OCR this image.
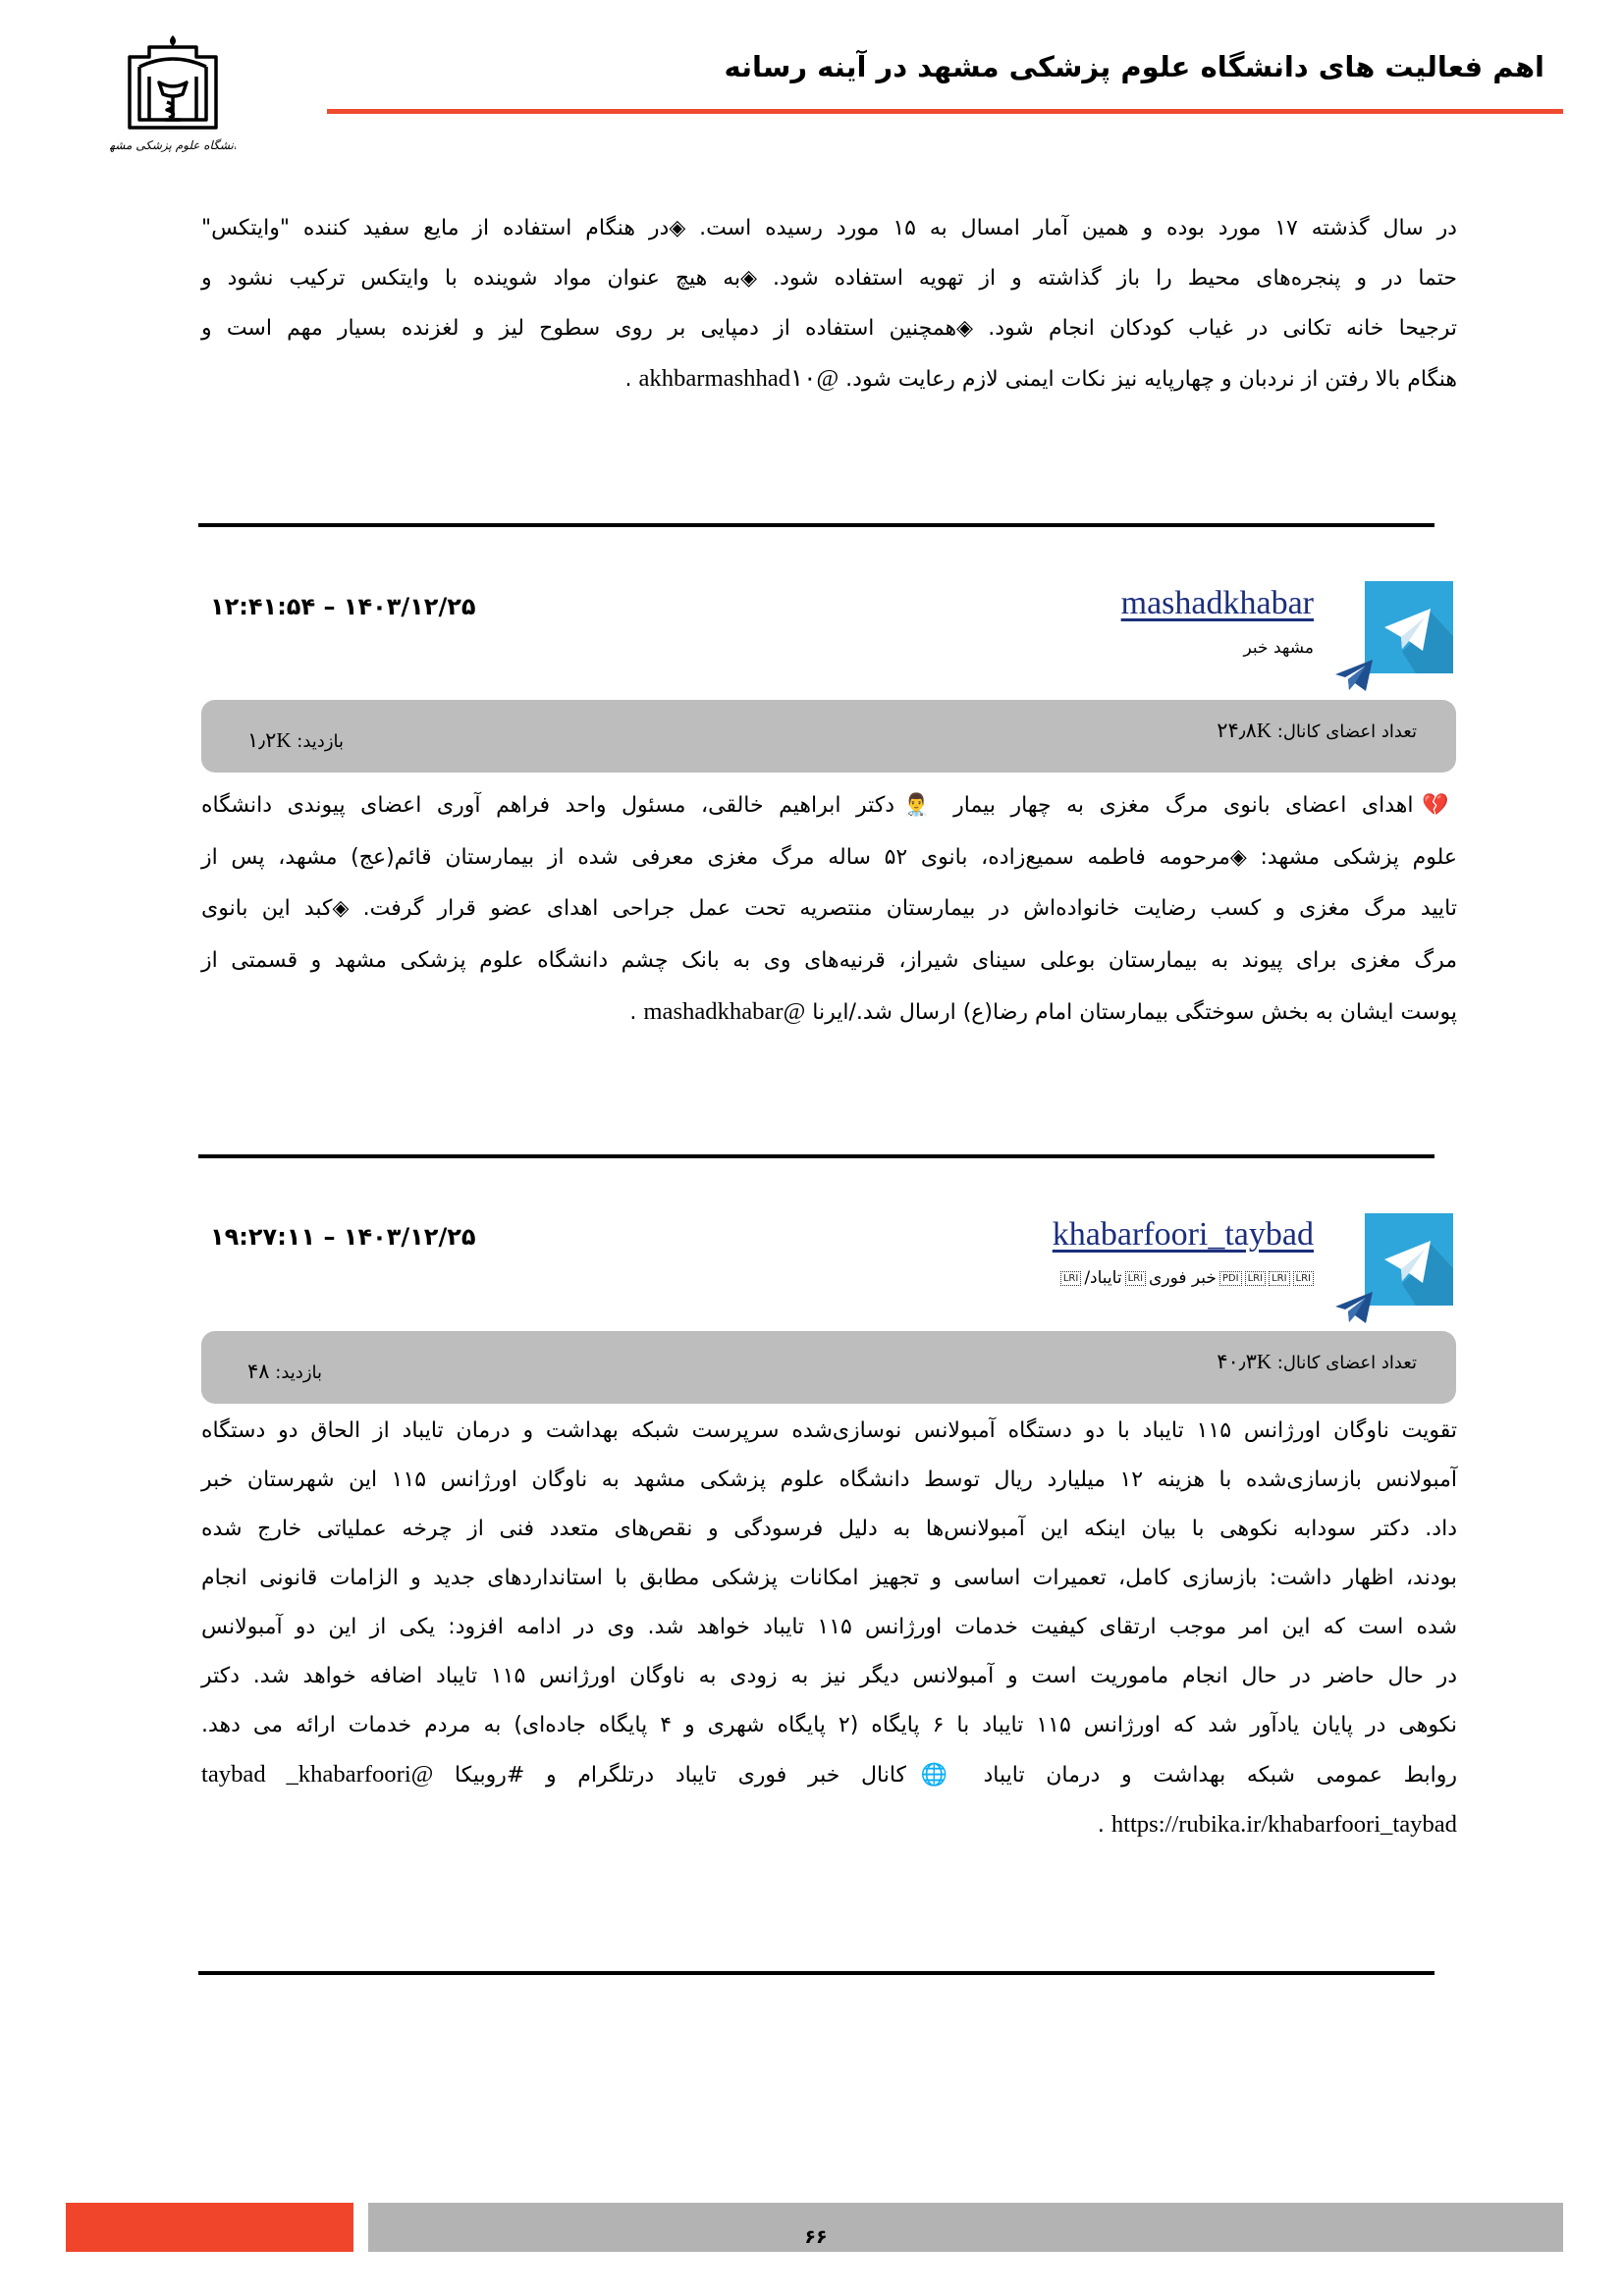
دانشگاه علوم پزشکی مشهد
اهم فعالیت های دانشگاه علوم پزشکی مشهد در آینه رسانه
در سال گذشته ۱۷ مورد بوده و همین آمار امسال به ۱۵ مورد رسیده است. ◈در هنگام استفاده از مایع سفید کننده "وایتکس"
حتما در و پنجره‌های محیط را باز گذاشته و از تهویه استفاده شود. ◈به هیچ عنوان مواد شوینده با وایتکس ترکیب نشود و
ترجیحا خانه تکانی در غیاب کودکان انجام شود. ◈همچنین استفاده از دمپایی بر روی سطوح لیز و لغزنده بسیار مهم است و
هنگام بالا رفتن از نردبان و چهارپایه نیز نکات ایمنی لازم رعایت شود. akhbarmashhad۱۰@ .
mashadkhabar
مشهد خبر
۱۲:۴۱:۵۴ – ۱۴۰۳/۱۲/۲۵
تعداد اعضای کانال: ۲۴٫۸K
بازدید: ۱٫۲K
💔اهدای اعضای بانوی مرگ مغزی به چهار بیمار 👨‍⚕️دکتر ابراهیم خالقی، مسئول واحد فراهم آوری اعضای پیوندی دانشگاه
علوم پزشکی مشهد: ◈مرحومه فاطمه سمیع‌زاده، بانوی ۵۲ ساله مرگ مغزی معرفی شده از بیمارستان قائم(عج) مشهد، پس از
تایید مرگ مغزی و کسب رضایت خانواده‌اش در بیمارستان منتصریه تحت عمل جراحی اهدای عضو قرار گرفت. ◈کبد این بانوی
مرگ مغزی برای پیوند به بیمارستان بوعلی سینای شیراز، قرنیه‌های وی به بانک چشم دانشگاه علوم پزشکی مشهد و قسمتی از
پوست ایشان به بخش سوختگی بیمارستان امام رضا(ع) ارسال شد./ایرنا mashadkhabar@ .
khabarfoori_taybad
LRI تایباد/ LRI خبر فوری PDI LRI LRI LRI
۱۹:۲۷:۱۱ – ۱۴۰۳/۱۲/۲۵
تعداد اعضای کانال: ۴۰٫۳K
بازدید: ۴۸
تقویت ناوگان اورژانس ۱۱۵ تایباد با دو دستگاه آمبولانس نوسازی‌شده سرپرست شبکه بهداشت و درمان تایباد از الحاق دو دستگاه
آمبولانس بازسازی‌شده با هزینه ۱۲ میلیارد ریال توسط دانشگاه علوم پزشکی مشهد به ناوگان اورژانس ۱۱۵ این شهرستان خبر
داد. دکتر سودابه نکوهی با بیان اینکه این آمبولانس‌ها به دلیل فرسودگی و نقص‌های متعدد فنی از چرخه عملیاتی خارج شده
بودند، اظهار داشت: بازسازی کامل، تعمیرات اساسی و تجهیز امکانات پزشکی مطابق با استانداردهای جدید و الزامات قانونی انجام
شده است که این امر موجب ارتقای کیفیت خدمات اورژانس ۱۱۵ تایباد خواهد شد. وی در ادامه افزود: یکی از این دو آمبولانس
در حال حاضر در حال انجام ماموریت است و آمبولانس دیگر نیز به زودی به ناوگان اورژانس ۱۱۵ تایباد اضافه خواهد شد. دکتر
نکوهی در پایان یادآور شد که اورژانس ۱۱۵ تایباد با ۶ پایگاه (۲ پایگاه شهری و ۴ پایگاه جاده‌ای) به مردم خدمات ارائه می دهد.
روابط عمومی شبکه بهداشت و درمان تایباد 🌐کانال خبر فوری تایباد درتلگرام و #روبیکا taybad _khabarfoori@
https://rubika.ir/khabarfoori_taybad .
۶۶
